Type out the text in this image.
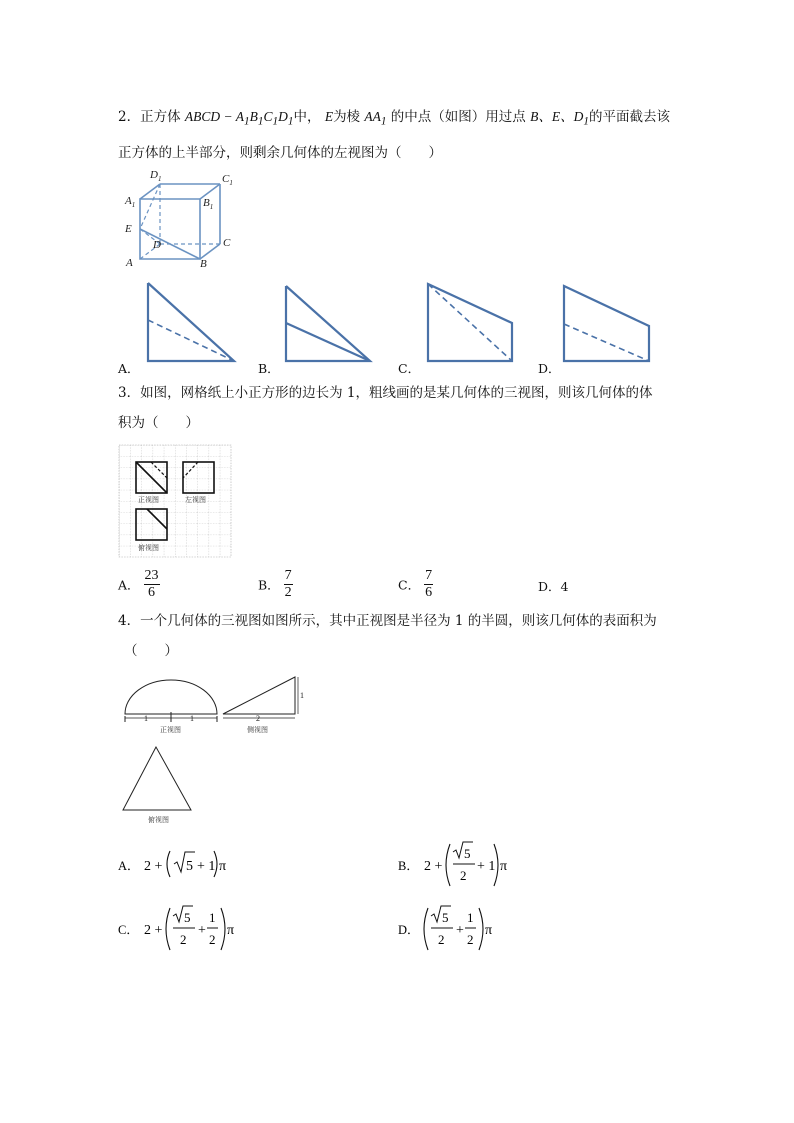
2．正方体 ABCD − $A_1B_1C_1D_1$中， E为棱 $AA_1$ 的中点（如图）用过点 B、E、$D_1$的平面截去该
正方体的上半部分，则剩余几何体的左视图为（　　）
$D_1$	$C_1$
$A_1$	$B_1$
E
D	C
A	B
A．	B．	C．	D．
3．如图，网格纸上小正方形的边长为 1，粗线画的是某几何体的三视图，则该几何体的体
积为（　　）
正视图	左视图
俯视图
A． $\frac{23}{6}$	B． $\frac{7}{2}$	C． $\frac{7}{6}$	D．4
4．一个几何体的三视图如图所示，其中正视图是半径为 1 的半圆，则该几何体的表面积为
（　　）
1	1	2
1
正视图	侧视图
俯视图
A． 2 + 5 + 1 π	B． 2 +
5
2
+ 1 π
C． 2 +
5
2
+
1
2
π	D．
5
2
+
1
2
π
